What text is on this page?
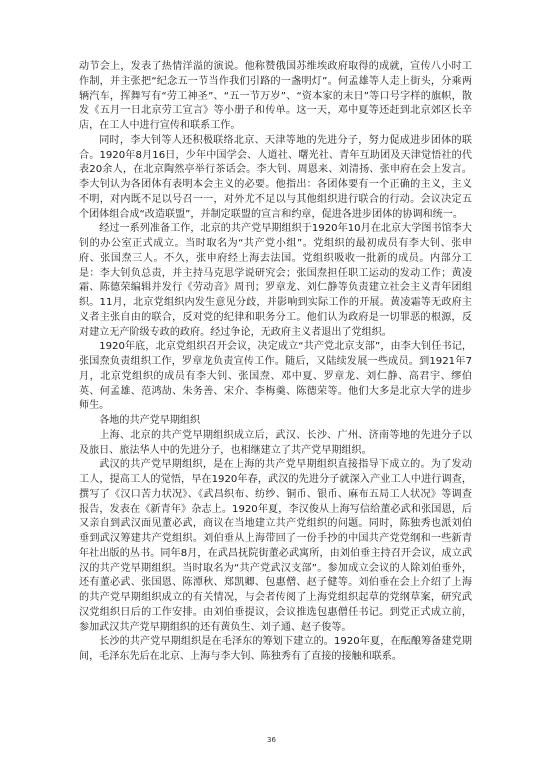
动节会上，发表了热情洋溢的演说。他称赞俄国苏维埃政府取得的成就，宣传八小时工作制，并主张把“纪念五一节当作我们引路的一盏明灯”。何孟雄等人走上街头，分乘两辆汽车，挥舞写有“劳工神圣”、“五一节万岁”、“资本家的末日”等口号字样的旗帜，散发《五月一日北京劳工宣言》等小册子和传单。这一天，邓中夏等还赶到北京郊区长辛店，在工人中进行宣传和联系工作。

同时，李大钊等人还积极联络北京、天津等地的先进分子，努力促成进步团体的联合。1920年8月16日，少年中国学会、人道社、曙光社、青年互助团及天津觉悟社的代表20余人，在北京陶然亭举行茶话会。李大钊、周恩来、刘清扬、张申府在会上发言。李大钊认为各团体有表明本会主义的必要。他指出：各团体要有一个正确的主义，主义不明，对内既不足以号召一一，对外尤不足以与其他组织进行联合的行动。会议决定五个团体组合成“改造联盟”，并制定联盟的宣言和约章，促进各进步团体的协调和统一。

经过一系列准备工作，北京的共产党早期组织于1920年10月在北京大学图书馆李大钊的办公室正式成立。当时取名为“共产党小组”。党组织的最初成员有李大钊、张申府、张国焘三人。不久，张申府经上海去法国。党组织吸收一批新的成员。内部分工是：李大钊负总责，并主持马克思学说研究会；张国焘担任职工运动的发动工作；黄凌霜、陈德荣编辑并发行《劳动音》周刊；罗章龙、刘仁静等负责建立社会主义青年团组织。11月，北京党组织内发生意见分歧，并影响到实际工作的开展。黄凌霜等无政府主义者主张自由的联合，反对党的纪律和职务分工。他们认为政府是一切罪恶的根源，反对建立无产阶级专政的政府。经过争论，无政府主义者退出了党组织。

1920年底，北京党组织召开会议，决定成立“共产党北京支部”，由李大钊任书记，张国焘负责组织工作，罗章龙负责宣传工作。随后，又陆续发展一些成员。到1921年7月，北京党组织的成员有李大钊、张国焘、邓中夏、罗章龙、刘仁静、高君宇、缪伯英、何孟雄、范鸿劼、朱务善、宋介、李梅羹、陈德荣等。他们大多是北京大学的进步师生。

各地的共产党早期组织

上海、北京的共产党早期组织成立后，武汉、长沙、广州、济南等地的先进分子以及旅日、旅法华人中的先进分子，也相继建立了共产党早期组织。

武汉的共产党早期组织，是在上海的共产党早期组织直接指导下成立的。为了发动工人，提高工人的觉悟，早在1920年春，武汉的先进分子就深入产业工人中进行调查，撰写了《汉口苦力状况》、《武昌织布、纺纱、铜币、银币、麻布五局工人状况》等调查报告，发表在《新青年》杂志上。1920年夏，李汉俊从上海写信给董必武和张国恩，后又亲自到武汉面见董必武，商议在当地建立共产党组织的问题。同时，陈独秀也派刘伯垂到武汉筹建共产党组织。刘伯垂从上海带回了一份手抄的中国共产党党纲和一些新青年社出版的丛书。同年8月，在武昌抚院街董必武寓所，由刘伯垂主持召开会议，成立武汉的共产党早期组织。当时取名为“共产党武汉支部”。参加成立会议的人除刘伯垂外，还有董必武、张国恩、陈潭秋、郑凯卿、包惠僧、赵子健等。刘伯垂在会上介绍了上海的共产党早期组织成立的有关情况，与会者传阅了上海党组织起草的党纲草案，研究武汉党组织日后的工作安排。由刘伯垂提议，会议推选包惠僧任书记。到党正式成立前，参加武汉共产党早期组织的还有黄负生、刘子通、赵子俊等。

长沙的共产党早期组织是在毛泽东的筹划下建立的。1920年夏，在酝酿筹备建党期间，毛泽东先后在北京、上海与李大钊、陈独秀有了直接的接触和联系。

36
